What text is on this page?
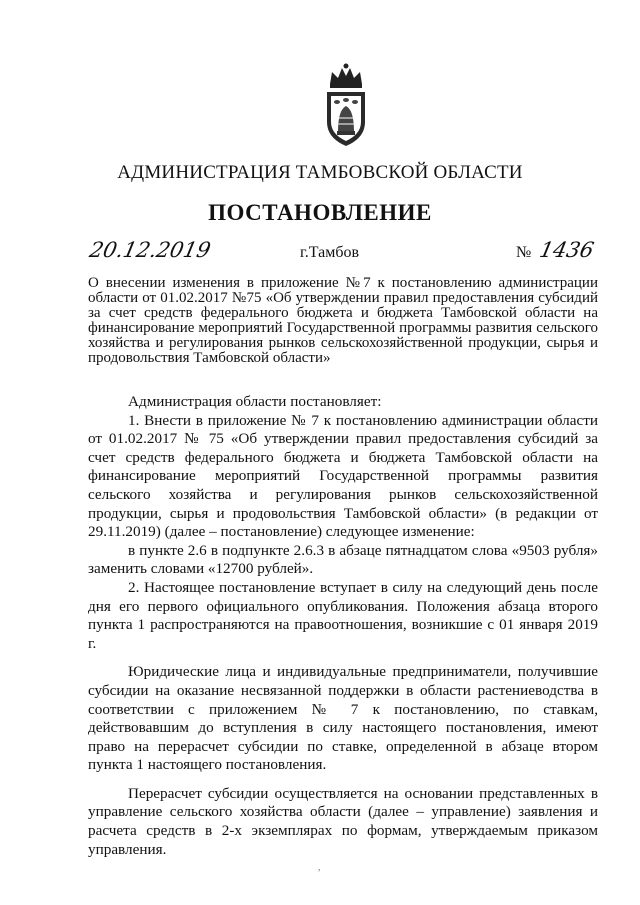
АДМИНИСТРАЦИЯ ТАМБОВСКОЙ ОБЛАСТИ
ПОСТАНОВЛЕНИЕ
20.12.2019	г.Тамбов	№ 1436
О внесении изменения в приложение №7 к постановлению администрации области от 01.02.2017 №75 «Об утверждении правил предоставления субсидий за счет средств федерального бюджета и бюджета Тамбовской области на финансирование мероприятий Государственной программы развития сельского хозяйства и регулирования рынков сельскохозяйственной продукции, сырья и продовольствия Тамбовской области»

Администрация области постановляет:

1. Внести в приложение № 7 к постановлению администрации области от 01.02.2017 № 75 «Об утверждении правил предоставления субсидий за счет средств федерального бюджета и бюджета Тамбовской области на финансирование мероприятий Государственной программы развития сельского хозяйства и регулирования рынков сельскохозяйственной продукции, сырья и продовольствия Тамбовской области» (в редакции от 29.11.2019) (далее – постановление) следующее изменение:

в пункте 2.6 в подпункте 2.6.3 в абзаце пятнадцатом слова «9503 рубля» заменить словами «12700 рублей».

2. Настоящее постановление вступает в силу на следующий день после дня его первого официального опубликования. Положения абзаца второго пункта 1 распространяются на правоотношения, возникшие с 01 января 2019 г.

Юридические лица и индивидуальные предприниматели, получившие субсидии на оказание несвязанной поддержки в области растениеводства в соответствии с приложением № 7 к постановлению, по ставкам, действовавшим до вступления в силу настоящего постановления, имеют право на перерасчет субсидии по ставке, определенной в абзаце втором пункта 1 настоящего постановления.

Перерасчет субсидии осуществляется на основании представленных в управление сельского хозяйства области (далее – управление) заявления и расчета средств в 2-х экземплярах по формам, утверждаемым приказом управления.

,
